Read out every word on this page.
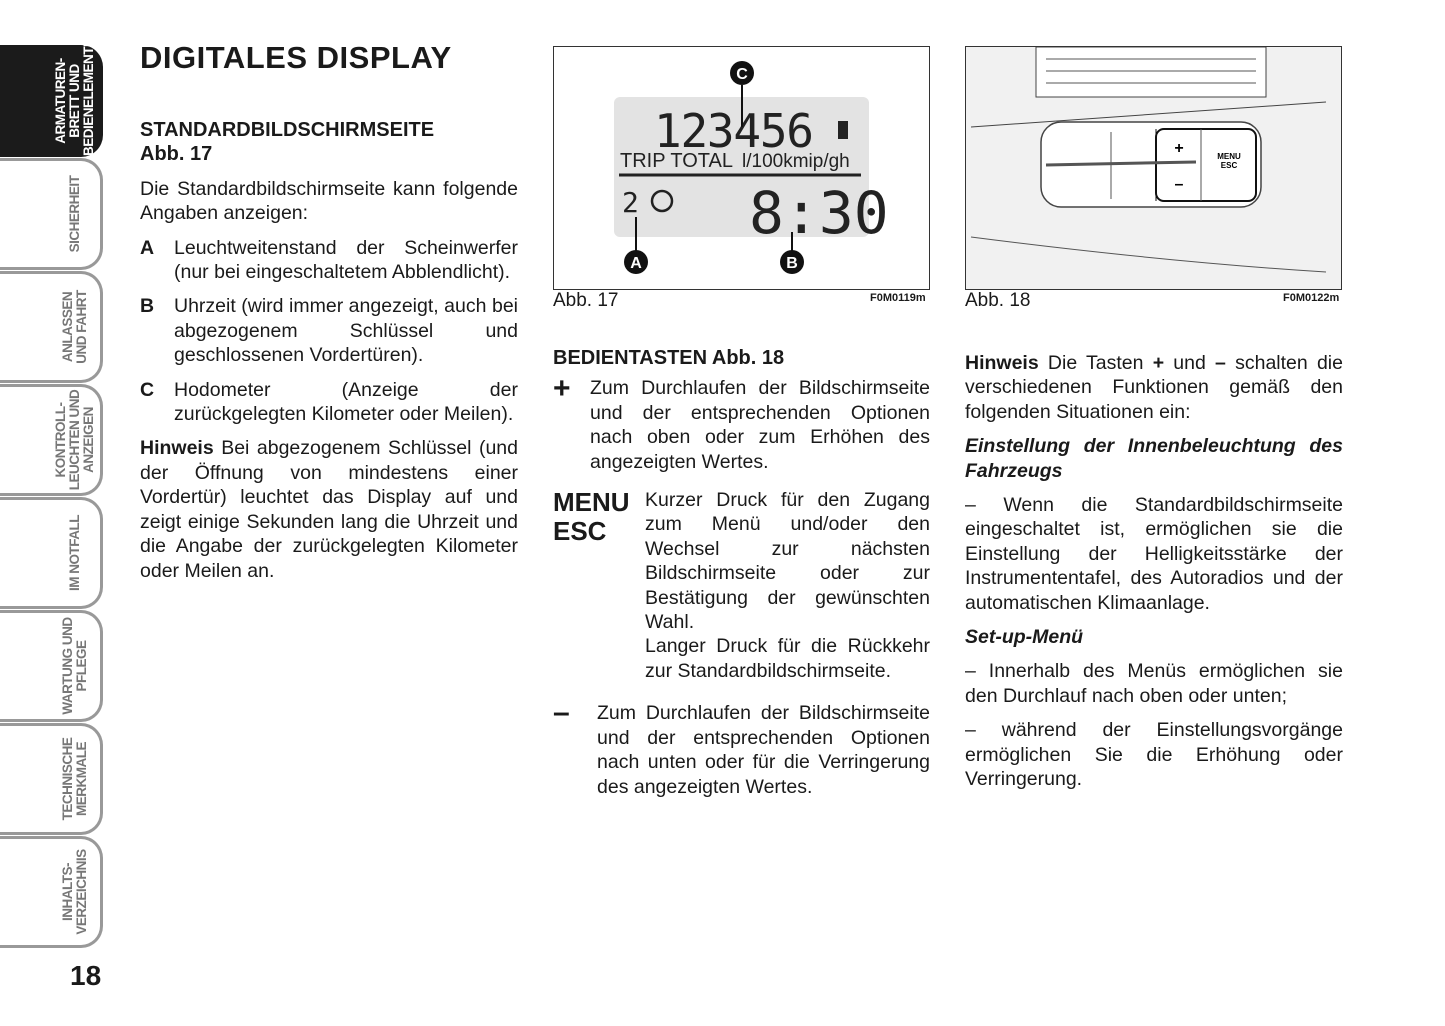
ARMATUREN-
BRETT UND
BEDIENELEMENTE
SICHERHEIT
ANLASSEN
UND FAHRT
KONTROLL-
LEUCHTEN UND
ANZEIGEN
IM NOTFALL
WARTUNG UND
PFLEGE
TECHNISCHE
MERKMALE
INHALTS-
VERZEICHNIS
18
DIGITALES DISPLAY
STANDARDBILDSCHIRMSEITE
Abb. 17

Die Standardbildschirmseite kann folgende Angaben anzeigen:

A	Leuchtweitenstand der Scheinwerfer (nur bei eingeschaltetem Abblendlicht).
B	Uhrzeit (wird immer angezeigt, auch bei abgezogenem Schlüssel und geschlossenen Vordertüren).
C	Hodometer (Anzeige der zurückgelegten Kilometer oder Meilen).

Hinweis Bei abgezogenem Schlüssel (und der Öffnung von mindestens einer Vordertür) leuchtet das Display auf und zeigt einige Sekunden lang die Uhrzeit und die Angabe der zurückgelegten Kilometer oder Meilen an.

123456
TRIP TOTAL l/100kmip/gh
2 8:30
A	B
C
Abb. 17	F0M0119m
+
–
MENU
ESC
Abb. 18	F0M0122m
BEDIENTASTEN Abb. 18
+ Zum Durchlaufen der Bildschirmseite und der entsprechenden Optionen nach oben oder zum Erhöhen des angezeigten Wertes.
MENU
ESC
Kurzer Druck für den Zugang zum Menü und/oder den Wechsel zur nächsten Bildschirmseite oder zur Bestätigung der gewünschten Wahl.
Langer Druck für die Rückkehr zur Standardbildschirmseite.
–	Zum Durchlaufen der Bildschirmseite und der entsprechenden Optionen nach unten oder für die Verringerung des angezeigten Wertes.
Hinweis Die Tasten + und – schalten die verschiedenen Funktionen gemäß den folgenden Situationen ein:

Einstellung der Innenbeleuchtung des Fahrzeugs

– Wenn die Standardbildschirmseite eingeschaltet ist, ermöglichen sie die Einstellung der Helligkeitsstärke der Instrumententafel, des Autoradios und der automatischen Klimaanlage.

Set-up-Menü

– Innerhalb des Menüs ermöglichen sie den Durchlauf nach oben oder unten;

– während der Einstellungsvorgänge ermöglichen Sie die Erhöhung oder Verringerung.
